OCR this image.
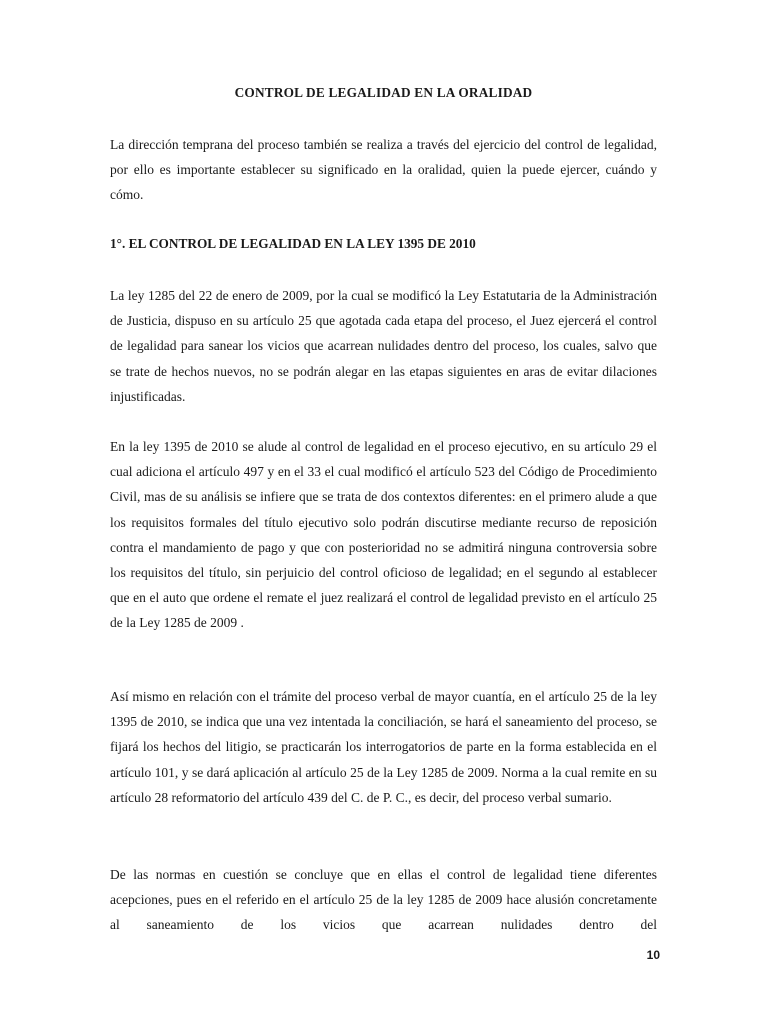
CONTROL DE LEGALIDAD EN LA ORALIDAD

La dirección temprana del proceso también se realiza a través del ejercicio del control de legalidad, por ello es importante establecer su significado en la oralidad, quien la puede ejercer, cuándo y cómo.

1°. EL CONTROL DE LEGALIDAD EN LA LEY 1395 DE 2010

La ley 1285 del 22 de enero de 2009, por la cual se modificó la Ley Estatutaria de la Administración de Justicia, dispuso en su artículo 25 que agotada cada etapa del proceso, el Juez ejercerá el control de legalidad para sanear los vicios que acarrean nulidades dentro del proceso, los cuales, salvo que se trate de hechos nuevos, no se podrán alegar en las etapas siguientes en aras de evitar dilaciones injustificadas.

En la ley 1395 de 2010 se alude al control de legalidad en el proceso ejecutivo, en su artículo 29 el cual adiciona el artículo 497 y en el 33 el cual modificó el artículo 523 del Código de Procedimiento Civil, mas de su análisis se infiere que se trata de dos contextos diferentes: en el primero alude a que los requisitos formales del título ejecutivo solo podrán discutirse mediante recurso de reposición contra el mandamiento de pago y que con posterioridad no se admitirá ninguna controversia sobre los requisitos del título, sin perjuicio del control oficioso de legalidad; en el segundo al establecer que en el auto que ordene el remate el juez realizará el control de legalidad previsto en el artículo 25 de la Ley 1285 de 2009 .

Así mismo en relación con el trámite del proceso verbal de mayor cuantía, en el artículo 25 de la ley 1395 de 2010, se indica que una vez intentada la conciliación, se hará el saneamiento del proceso, se fijará los hechos del litigio, se practicarán los interrogatorios de parte en la forma establecida en el artículo 101, y se dará aplicación al artículo 25 de la Ley 1285 de 2009. Norma a la cual remite en su artículo 28 reformatorio del artículo 439 del C. de P. C., es decir, del proceso verbal sumario.

De las normas en cuestión se concluye que en ellas el control de legalidad tiene diferentes acepciones, pues en el referido en el artículo 25 de la ley 1285 de 2009 hace alusión concretamente al saneamiento de los vicios que acarrean nulidades dentro del

10
